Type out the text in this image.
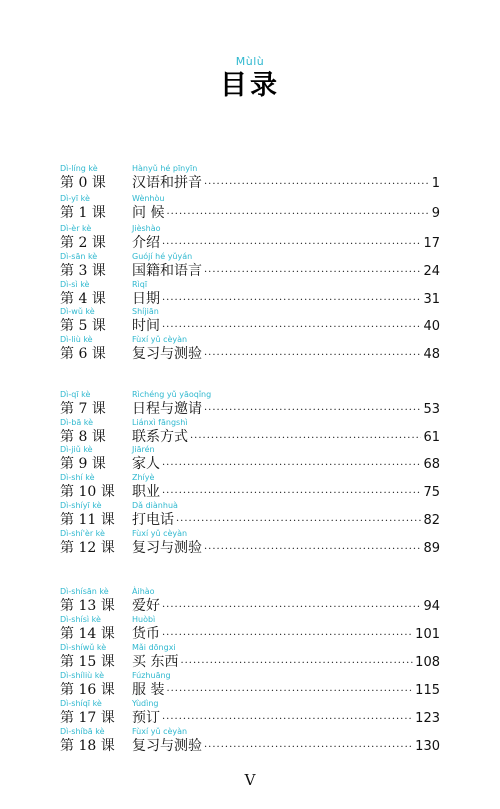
Mùlù
目录
Dì-líng kè	Hànyǔ hé pīnyīn
第 0 课	汉语和拼音 ·····	1
Dì-yī kè	Wènhòu
第 1 课	问 候 ·····	9
Dì-èr kè	Jièshào
第 2 课	介绍 ·····	17
Dì-sān kè	Guójí hé yǔyán
第 3 课	国籍和语言 ·····	24
Dì-sì kè	Rìqī
第 4 课	日期 ·····	31
Dì-wǔ kè	Shíjiān
第 5 课	时间 ·····	40
Dì-liù kè	Fùxí yǔ cèyàn
第 6 课	复习与测验 ·····	48
Dì-qī kè	Rìchéng yǔ yāoqǐng
第 7 课	日程与邀请 ·····	53
Dì-bā kè	Liánxì fāngshì
第 8 课	联系方式 ·····	61
Dì-jiǔ kè	Jiārén
第 9 课	家人 ·····	68
Dì-shí kè	Zhíyè
第 10 课	职业 ·····	75
Dì-shíyī kè	Dǎ diànhuà
第 11 课	打电话 ·····	82
Dì-shí'èr kè	Fùxí yǔ cèyàn
第 12 课	复习与测验 ·····	89
Dì-shísān kè	Àihào
第 13 课	爱好 ·····	94
Dì-shísì kè	Huòbì
第 14 课	货币 ·····	101
Dì-shíwǔ kè	Mǎi dōngxi
第 15 课	买 东西 ·····	108
Dì-shíliù kè	Fúzhuāng
第 16 课	服 装 ·····	115
Dì-shíqī kè	Yùdìng
第 17 课	预订 ·····	123
Dì-shíbā kè	Fùxí yǔ cèyàn
第 18 课	复习与测验 ·····	130
V
